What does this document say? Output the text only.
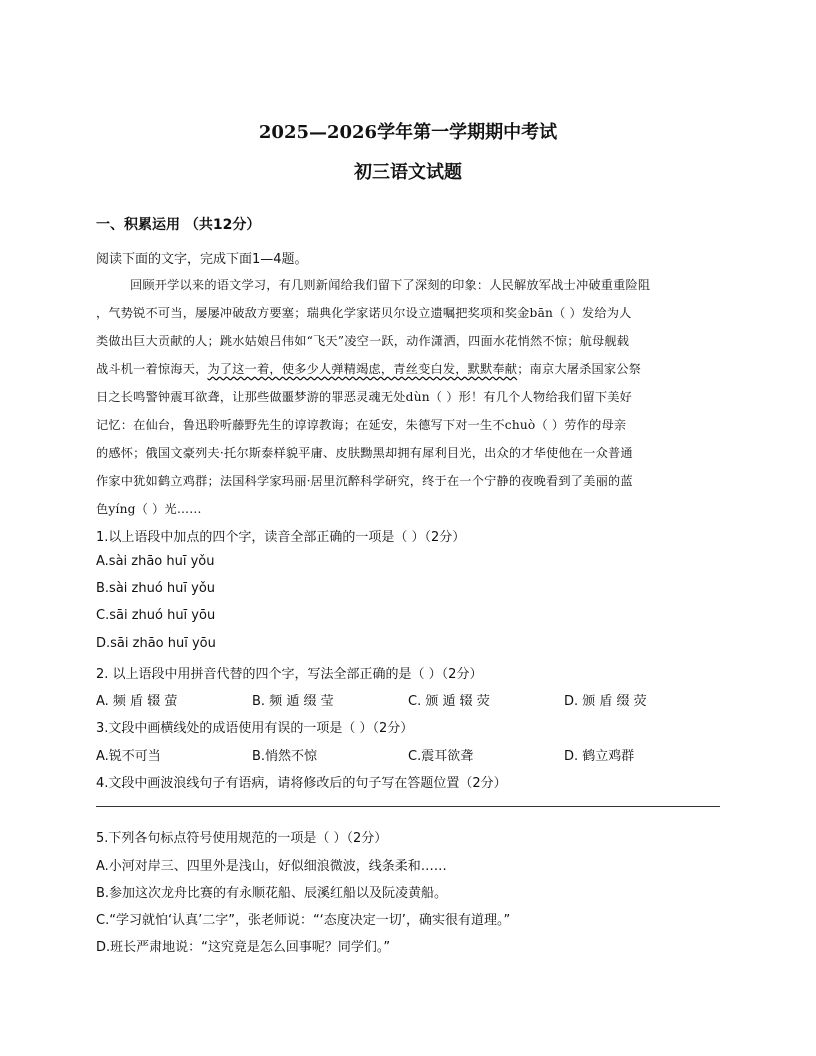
2025—2026学年第一学期期中考试
初三语文试题
一、积累运用 （共12分）
阅读下面的文字，完成下面1—4题。
回顾开学以来的语文学习，有几则新闻给我们留下了深刻的印象：人民解放军战士冲破重重险阻
，气势锐不可当，屡屡冲破敌方要塞；瑞典化学家诺贝尔设立遗嘱把奖项和奖金bān（ ）发给为人
类做出巨大贡献的人；跳水姑娘吕伟如“飞天”凌空一跃，动作潇洒，四面水花悄然不惊；航母舰载
战斗机一着惊海天，为了这一着，使多少人弹精竭虑，青丝变白发，默默奉献；南京大屠杀国家公祭
日之长鸣警钟震耳欲聋，让那些做噩梦游的罪恶灵魂无处dùn（ ）形！有几个人物给我们留下美好
记忆：在仙台，鲁迅聆听藤野先生的谆谆教诲；在延安，朱德写下对一生不chuò（ ）劳作的母亲
的感怀；俄国文豪列夫·托尔斯泰样貌平庸、皮肤黝黑却拥有犀利目光，出众的才华使他在一众普通
作家中犹如鹤立鸡群；法国科学家玛丽·居里沉醉科学研究，终于在一个宁静的夜晚看到了美丽的蓝
色yíng（ ）光……
1.以上语段中加点的四个字，读音全部正确的一项是（ ）（2分）
A.sài zhāo huī yǒu
B.sài zhuó huī yǒu
C.sāi zhuó huī yōu
D.sāi zhāo huī yōu
2. 以上语段中用拼音代替的四个字，写法全部正确的是（ ）（2分）
A. 频 盾 辍 萤	B. 频 遁 缀 莹	C. 颁 遁 辍 荧	D. 颁 盾 缀 荧
3.文段中画横线处的成语使用有误的一项是（ ）（2分）
A.锐不可当	B.悄然不惊	C.震耳欲聋	D. 鹤立鸡群
4.文段中画波浪线句子有语病，请将修改后的句子写在答题位置（2分）
5.下列各句标点符号使用规范的一项是（ ）（2分）
A.小河对岸三、四里外是浅山，好似细浪微波，线条柔和……
B.参加这次龙舟比赛的有永顺花船、辰溪红船以及阮凌黄船。
C.“学习就怕‘认真’二字”，张老师说：“‘态度决定一切’，确实很有道理。”
D.班长严肃地说：“这究竟是怎么回事呢？同学们。”
